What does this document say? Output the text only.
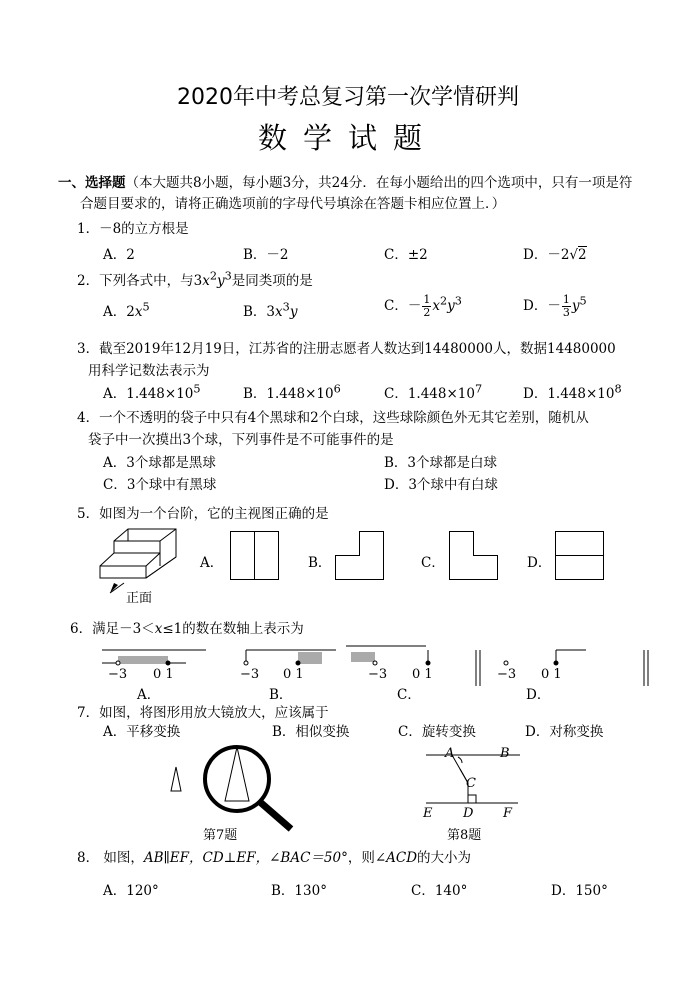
2020年中考总复习第一次学情研判
数学试题
一、选择题（本大题共8小题，每小题3分，共24分．在每小题给出的四个选项中，只有一项是符合题目要求的，请将正确选项前的字母代号填涂在答题卡相应位置上．）
1．－8的立方根是
A．2	B．－2	C．±2	D．－2√2
2．下列各式中，与$3x^2y^3$是同类项的是
A．$2x^5$	B．$3x^3y$	C．－ $\frac{1}{2} x^2y^3$	D．－ $\frac{1}{3} y^5$
3．截至2019年12月19日，江苏省的注册志愿者人数达到14480000人，数据14480000
用科学记数法表示为
A．$1.448\times 10^5$	B．$1.448\times 10^6$	C．$1.448\times 10^7$	D．$1.448\times 10^8$
4．一个不透明的袋子中只有4个黑球和2个白球，这些球除颜色外无其它差别，随机从
袋子中一次摸出3个球，下列事件是不可能事件的是
A．3个球都是黑球	B．3个球都是白球
C．3个球中有黑球	D．3个球中有白球
5．如图为一个台阶，它的主视图正确的是
正面
A．	B．	C．	D．
6．满足－3＜x≤1的数在数轴上表示为
−3 0 1	−3 0 1	−3 0 1	−3 0 1
A．	B．	C．	D．
7．如图，将图形用放大镜放大，应该属于
A．平移变换	B．相似变换	C．旋转变换	D．对称变换
第7题
A	B
C
D
E	F
第8题
8． 如图，AB∥EF，CD⊥EF，∠BAC＝50°，则∠ACD的大小为
A．120°	B．130°	C．140°	D．150°
